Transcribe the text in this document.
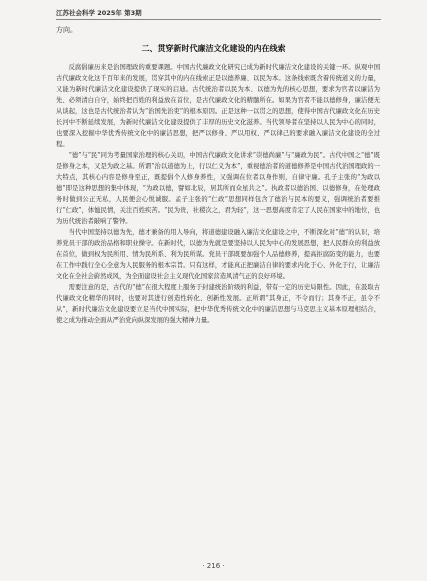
江苏社会科学 2025年 第3期
方向。
二、贯穿新时代廉洁文化建设的内在线索

反腐倡廉历来是治国理政的重要课题。中国古代廉政文化研究已成为新时代廉洁文化建设的关键一环。纵观中国古代廉政文化这千百年来的发展，贯穿其中的内在线索正是以德养廉、以民为本。这条线索既含着传统道义的力量，又能为新时代廉洁文化建设提供了现实的启迪。古代统治者以民为本、以德为先的核心思想，要求为官者以廉洁为先、必须清白自守，始终把百姓的利益放在首位，是古代廉政文化的精髓所在。如果为官者不能以德修身，廉洁便无从谈起，这也是古代统治者认为“治国先治吏”的根本原因。正是这种一以贯之的思想，使得中国古代廉政文化在历史长河中不断延续发展，为新时代廉洁文化建设提供了丰厚的历史文化滋养。当代领导者在坚持以人民为中心的同时，也要深入挖掘中华优秀传统文化中的廉洁思想，把严以修身、严以用权、严以律己的要求融入廉洁文化建设的全过程。

“德”与“民”同为考量国家治理的核心关切，中国古代廉政文化讲求“崇德尚廉”与“廉政为民”。古代中国之“德”既是修身之本，又是为政之基。所谓“治以道德为上，行以仁义为本”，重视德治者的道德修养是中国古代治国理政的一大特点，其核心内容是修身至正，既提倡个人修身养性，又强调在位者以身作则，自律守廉。孔子主张的“为政以德”即是这种思想的集中体现，“为政以德，譬如北辰，居其所而众星共之”。执政者以德治国、以德修身，在处理政务时做到公正无私，人民便会心悦诚服。孟子主张的“仁政”思想同样包含了德治与民本的要义，强调统治者要推行“仁政”，体恤民情，关注百姓疾苦。“民为贵，社稷次之，君为轻”，这一思想高度肯定了人民在国家中的地位，也为历代统治者敲响了警钟。

当代中国坚持以德为先，德才兼备的用人导向，将道德建设融入廉洁文化建设之中，不断深化对“德”的认识，培养党员干部的政治品格和职业操守。在新时代，以德为先就是要坚持以人民为中心的发展思想，把人民群众的利益放在首位，做到权为民所用、情为民所系、利为民所谋。党员干部既要加强个人品德修养，提高拒腐防变的能力，也要在工作中践行全心全意为人民服务的根本宗旨。只有这样，才能真正把廉洁自律的要求内化于心、外化于行，让廉洁文化在全社会蔚然成风，为全面建设社会主义现代化国家营造风清气正的良好环境。

需要注意的是，古代的“德”在很大程度上服务于封建统治阶级的利益，带有一定的历史局限性。因此，在汲取古代廉政文化精华的同时，也要对其进行创造性转化、创新性发展。正所谓“其身正，不令而行；其身不正，虽令不从”，新时代廉洁文化建设要立足当代中国实际，把中华优秀传统文化中的廉洁思想与马克思主义基本原理相结合，使之成为推动全面从严治党向纵深发展的强大精神力量。

· 216 ·
